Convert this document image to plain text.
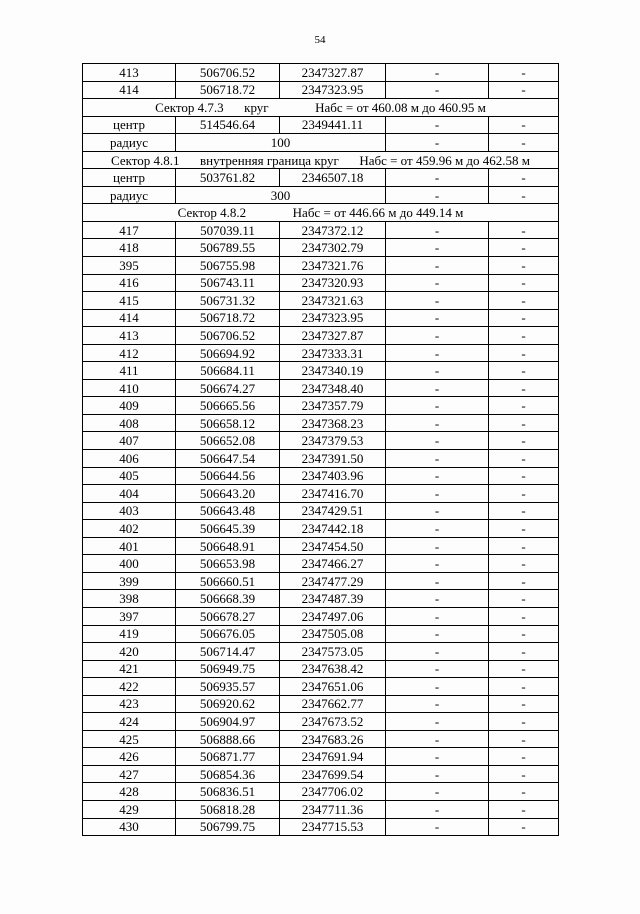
54
413	506706.52	2347327.87	-	-
414	506718.72	2347323.95	-	-
Сектор 4.7.3 круг Набс = от 460.08 м до 460.95 м				
центр	514546.64	2349441.11	-	-
радиус	100		-	-
Сектор 4.8.1 внутренняя граница круг Набс = от 459.96 м до 462.58 м				
центр	503761.82	2346507.18	-	-
радиус	300		-	-
Сектор 4.8.2 Набс = от 446.66 м до 449.14 м				
417	507039.11	2347372.12	-	-
418	506789.55	2347302.79	-	-
395	506755.98	2347321.76	-	-
416	506743.11	2347320.93	-	-
415	506731.32	2347321.63	-	-
414	506718.72	2347323.95	-	-
413	506706.52	2347327.87	-	-
412	506694.92	2347333.31	-	-
411	506684.11	2347340.19	-	-
410	506674.27	2347348.40	-	-
409	506665.56	2347357.79	-	-
408	506658.12	2347368.23	-	-
407	506652.08	2347379.53	-	-
406	506647.54	2347391.50	-	-
405	506644.56	2347403.96	-	-
404	506643.20	2347416.70	-	-
403	506643.48	2347429.51	-	-
402	506645.39	2347442.18	-	-
401	506648.91	2347454.50	-	-
400	506653.98	2347466.27	-	-
399	506660.51	2347477.29	-	-
398	506668.39	2347487.39	-	-
397	506678.27	2347497.06	-	-
419	506676.05	2347505.08	-	-
420	506714.47	2347573.05	-	-
421	506949.75	2347638.42	-	-
422	506935.57	2347651.06	-	-
423	506920.62	2347662.77	-	-
424	506904.97	2347673.52	-	-
425	506888.66	2347683.26	-	-
426	506871.77	2347691.94	-	-
427	506854.36	2347699.54	-	-
428	506836.51	2347706.02	-	-
429	506818.28	2347711.36	-	-
430	506799.75	2347715.53	-	-
